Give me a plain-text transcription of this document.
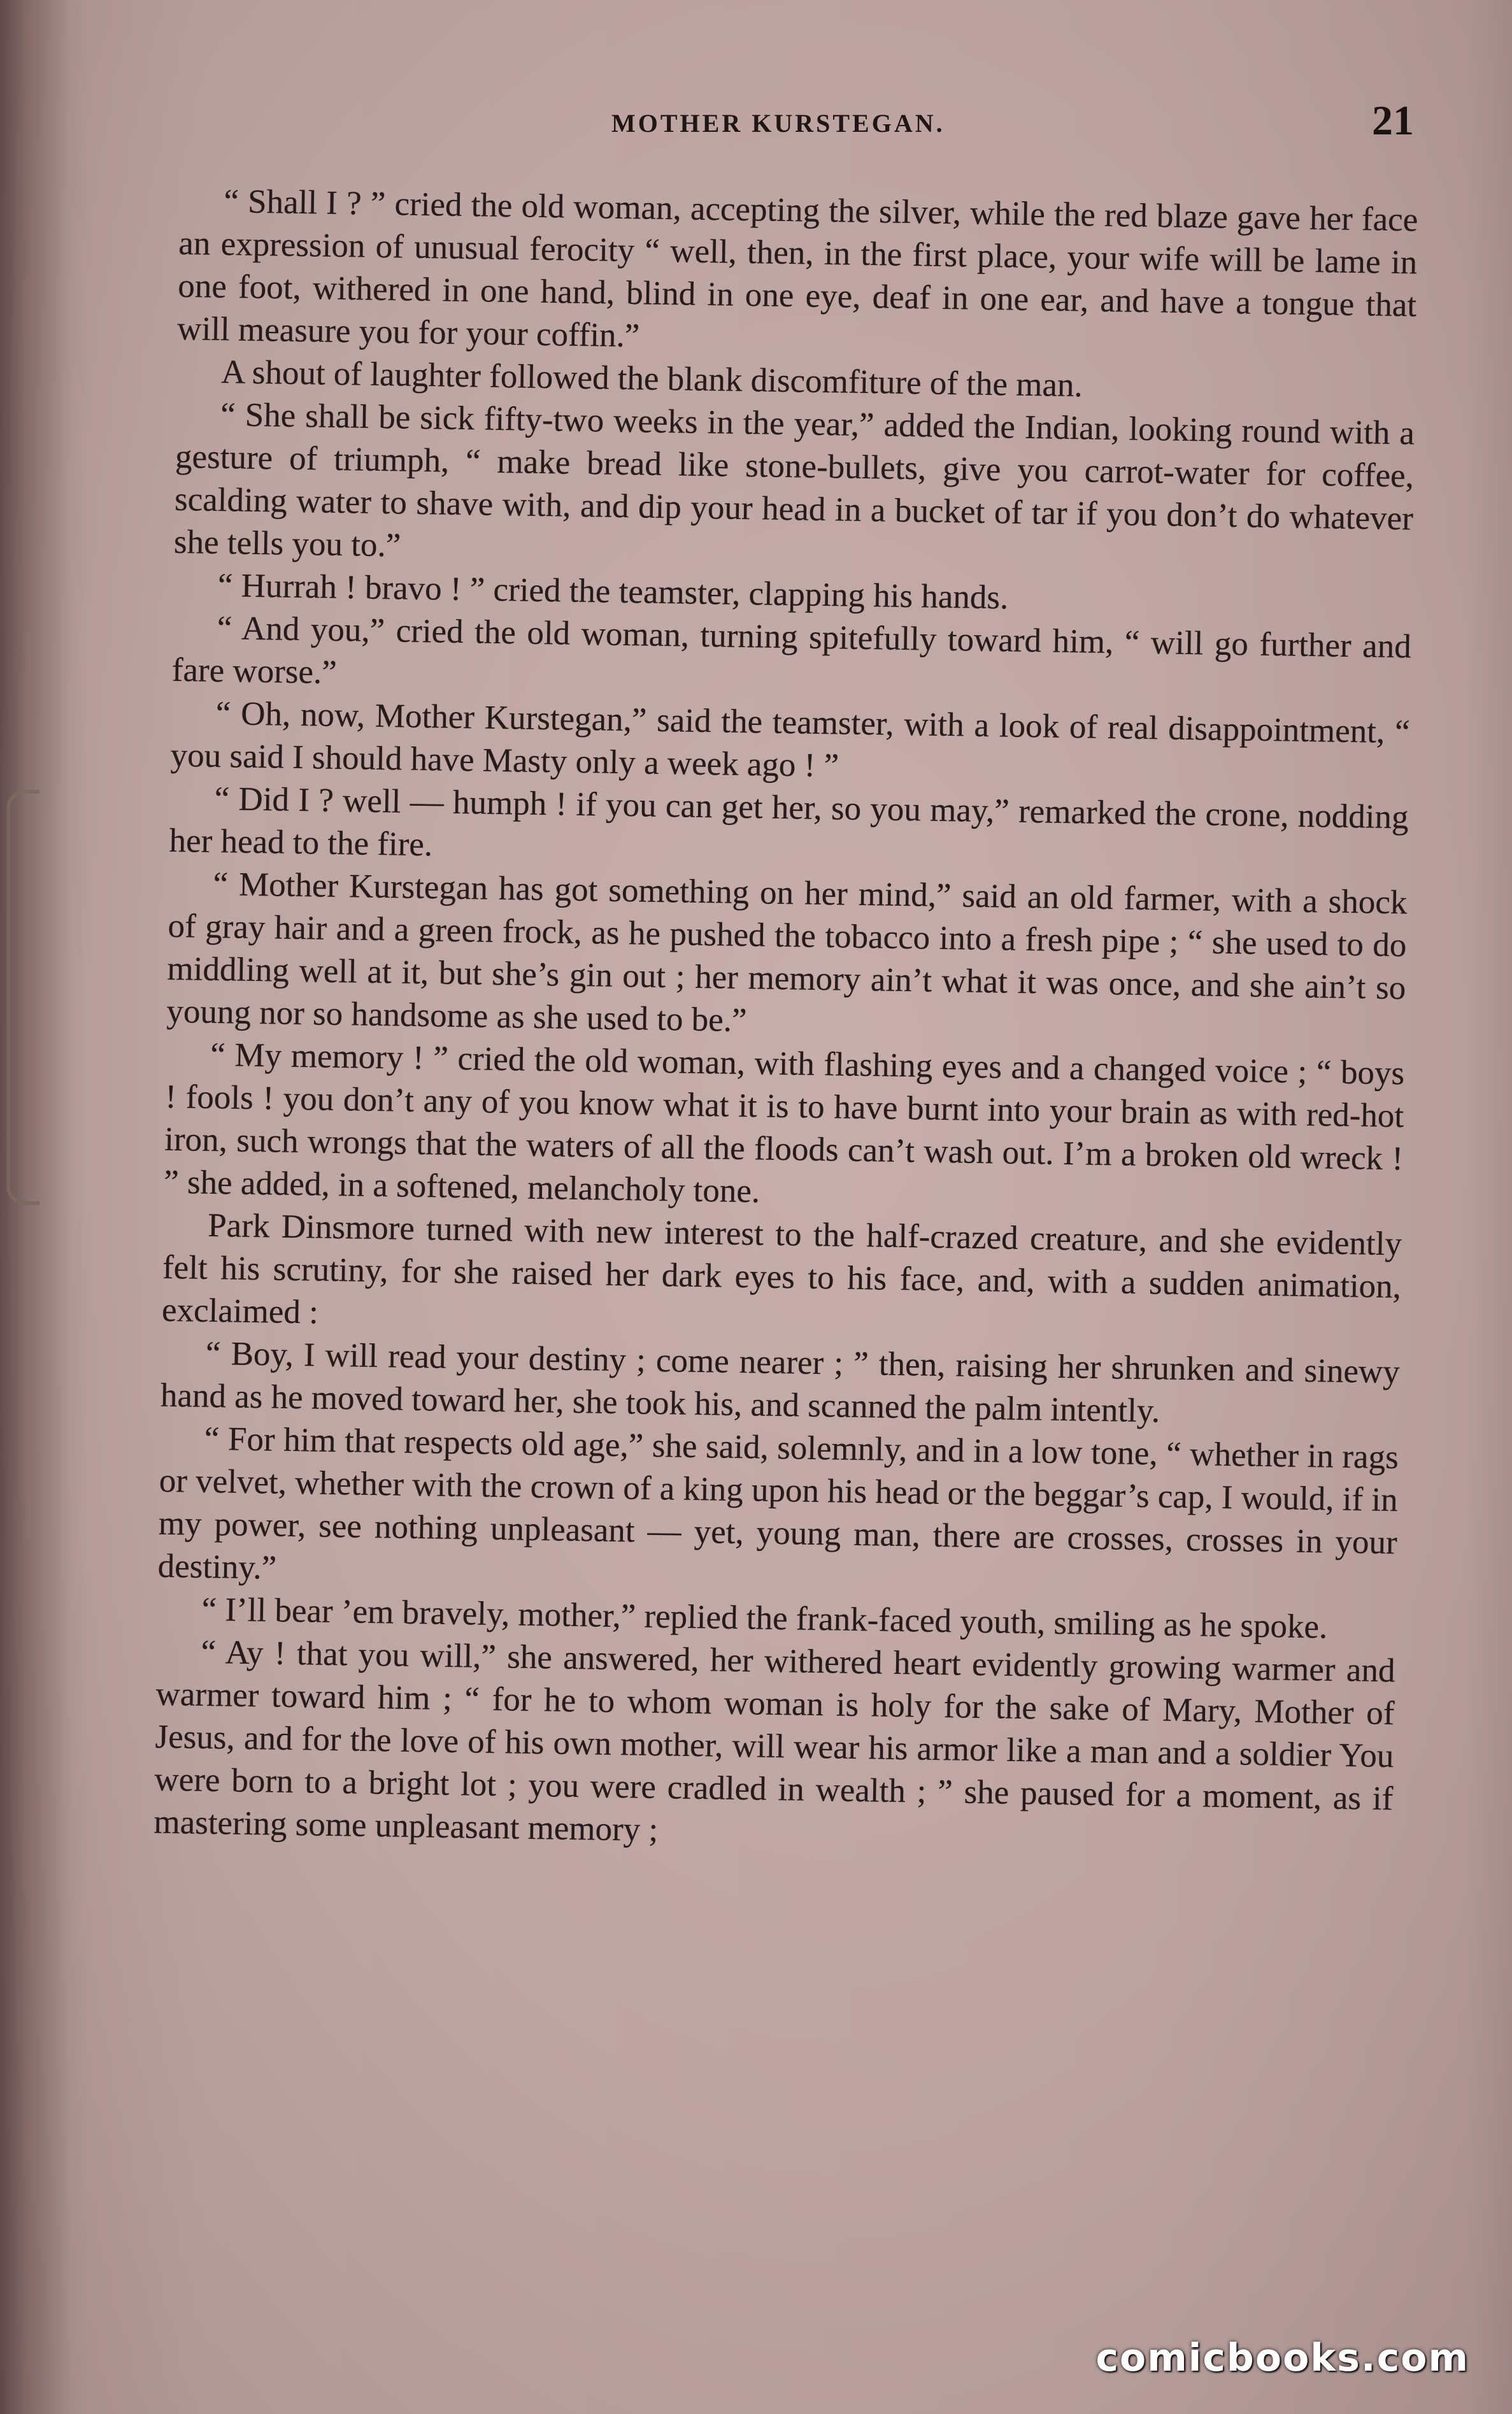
MOTHER KURSTEGAN.	21

“ Shall I ? ” cried the old woman, accepting the silver, while the red blaze gave her face an expression of unusual ferocity “ well, then, in the first place, your wife will be lame in one foot, withered in one hand, blind in one eye, deaf in one ear, and have a tongue that will measure you for your coffin.”

A shout of laughter followed the blank discomfiture of the man.

“ She shall be sick fifty-two weeks in the year,” added the Indian, looking round with a gesture of triumph, “ make bread like stone-bullets, give you carrot-water for coffee, scalding water to shave with, and dip your head in a bucket of tar if you don’t do whatever she tells you to.”

“ Hurrah ! bravo ! ” cried the teamster, clapping his hands.

“ And you,” cried the old woman, turning spitefully toward him, “ will go further and fare worse.”

“ Oh, now, Mother Kurstegan,” said the teamster, with a look of real disappointment, “ you said I should have Masty only a week ago ! ”

“ Did I ? well — humph ! if you can get her, so you may,” remarked the crone, nodding her head to the fire.

“ Mother Kurstegan has got something on her mind,” said an old farmer, with a shock of gray hair and a green frock, as he pushed the tobacco into a fresh pipe ; “ she used to do middling well at it, but she’s gin out ; her memory ain’t what it was once, and she ain’t so young nor so handsome as she used to be.”

“ My memory ! ” cried the old woman, with flashing eyes and a changed voice ; “ boys ! fools ! you don’t any of you know what it is to have burnt into your brain as with red-hot iron, such wrongs that the waters of all the floods can’t wash out. I’m a broken old wreck ! ” she added, in a softened, melancholy tone.

Park Dinsmore turned with new interest to the half-crazed creature, and she evidently felt his scrutiny, for she raised her dark eyes to his face, and, with a sudden animation, exclaimed :

“ Boy, I will read your destiny ; come nearer ; ” then, raising her shrunken and sinewy hand as he moved toward her, she took his, and scanned the palm intently.

“ For him that respects old age,” she said, solemnly, and in a low tone, “ whether in rags or velvet, whether with the crown of a king upon his head or the beggar’s cap, I would, if in my power, see nothing unpleasant — yet, young man, there are crosses, crosses in your destiny.”

“ I’ll bear ’em bravely, mother,” replied the frank-faced youth, smiling as he spoke.

“ Ay ! that you will,” she answered, her withered heart evidently growing warmer and warmer toward him ; “ for he to whom woman is holy for the sake of Mary, Mother of Jesus, and for the love of his own mother, will wear his armor like a man and a soldier You were born to a bright lot ; you were cradled in wealth ; ” she paused for a moment, as if mastering some unpleasant memory ;

comicbooks.com
